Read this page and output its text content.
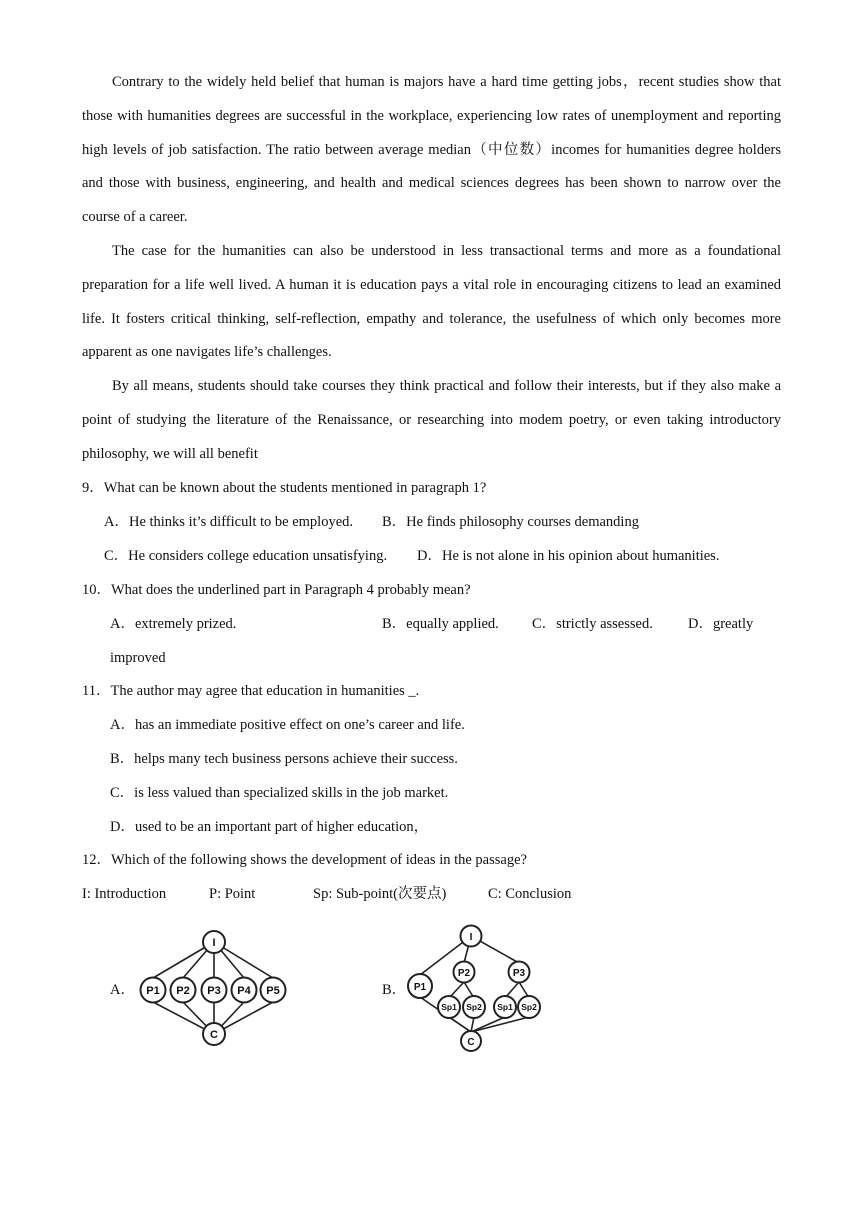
Contrary to the widely held belief that human is majors have a hard time getting jobs，recent studies show that those with humanities degrees are successful in the workplace, experiencing low rates of unemployment and reporting high levels of job satisfaction. The ratio between average median（中位数）incomes for humanities degree holders and those with business, engineering, and health and medical sciences degrees has been shown to narrow over the course of a career.

The case for the humanities can also be understood in less transactional terms and more as a foundational preparation for a life well lived. A human it is education pays a vital role in encouraging citizens to lead an examined life. It fosters critical thinking, self-reflection, empathy and tolerance, the usefulness of which only becomes more apparent as one navigates life’s challenges.

By all means, students should take courses they think practical and follow their interests, but if they also make a point of studying the literature of the Renaissance, or researching into modem poetry, or even taking introductory philosophy, we will all benefit

9．What can be known about the students mentioned in paragraph 1?
A．He thinks it’s difficult to be employed. B．He finds philosophy courses demanding
C．He considers college education unsatisfying. D．He is not alone in his opinion about humanities.
10．What does the underlined part in Paragraph 4 probably mean?
A．extremely prized.	B．equally applied. C．strictly assessed. D．greatly
improved
11．The author may agree that education in humanities _.
A．has an immediate positive effect on one’s career and life.
B．helps many tech business persons achieve their success.
C．is less valued than specialized skills in the job market.
D．used to be an important part of higher education，
12．Which of the following shows the development of ideas in the passage?
I: Introduction	P: Point	Sp: Sub-point(次要点)	C: Conclusion
A．	B．
I
P1 P2 P3 P4 P5
C
I
P1
P2	P3
Sp1 Sp2 Sp1 Sp2
C
